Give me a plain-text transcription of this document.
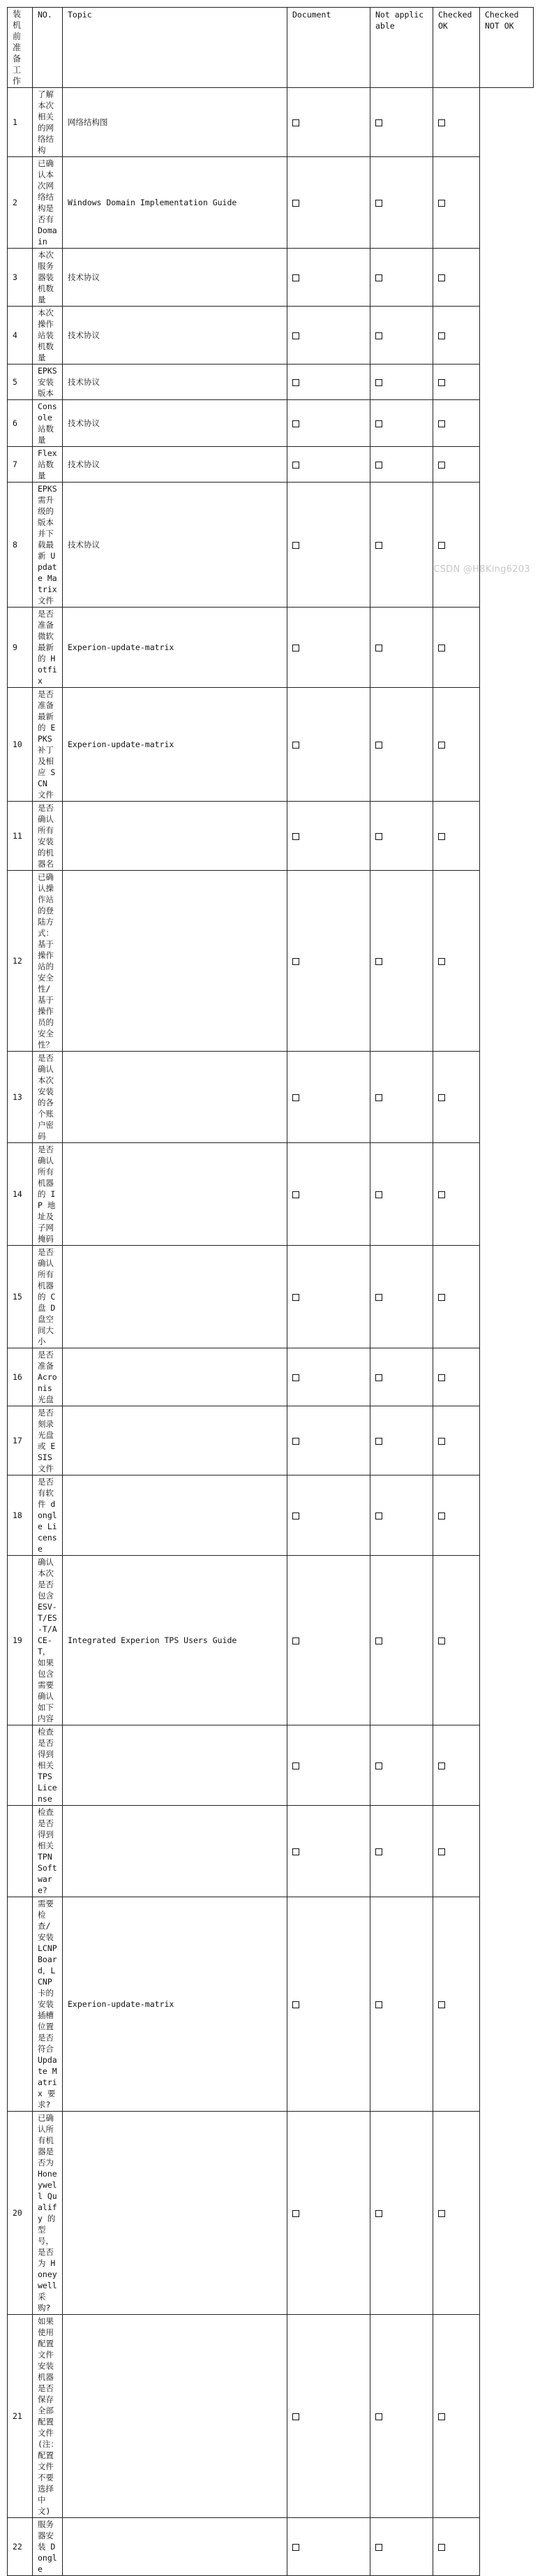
装机前准备工作	NO.	Topic	Document	Not applicable	Checked OK	Checked NOT OK
1	了解本次相关的网络结构	网络结构图				
2	已确认本次网络结构是否有 Domain	Windows Domain Implementation Guide				
3	本次服务器装机数量	技术协议				
4	本次操作站装机数量	技术协议				
5	EPKS 安装版本	技术协议				
6	Console 站数量	技术协议				
7	Flex 站数量	技术协议				
8	EPKS 需升级的版本并下载最新 Update Matrix 文件	技术协议				
9	是否准备微软最新的 Hotfix	Experion-update-matrix				
10	是否准备最新的 EPKS 补丁及相应 SCN 文件	Experion-update-matrix				
11	是否确认所有安装的机器名					
12	已确认操作站的登陆方式：基于操作站的安全性/基于操作员的安全性？					
13	是否确认本次安装的各个账户密码					
14	是否确认所有机器的 IP 地址及子网掩码					
15	是否确认所有机器的 C 盘 D 盘空间大小					
16	是否准备 Acronis 光盘					
17	是否刻录光盘或 ESIS 文件					
18	是否有软件 dongle License					
19	确认本次是否包含 ESV-T/ES-T/ACE-T，如果包含需要确认如下内容	Integrated Experion TPS Users Guide				
	检查是否得到相关 TPS License					
	检查是否得到相关 TPN Software?					
	需要检查/安装 LCNP Board，LCNP 卡的安装插槽位置是否符合 Update Matrix 要求?	Experion-update-matrix				
20	已确认所有机器是否为 Honeywell Qualify 的型号，是否为 Honeywell 采购?					
21	如果使用配置文件安装机器是否保存全部配置文件(注：配置文件不要选择中文)					
22	服务器安装 Dongle					
CSDN @H8King6203
